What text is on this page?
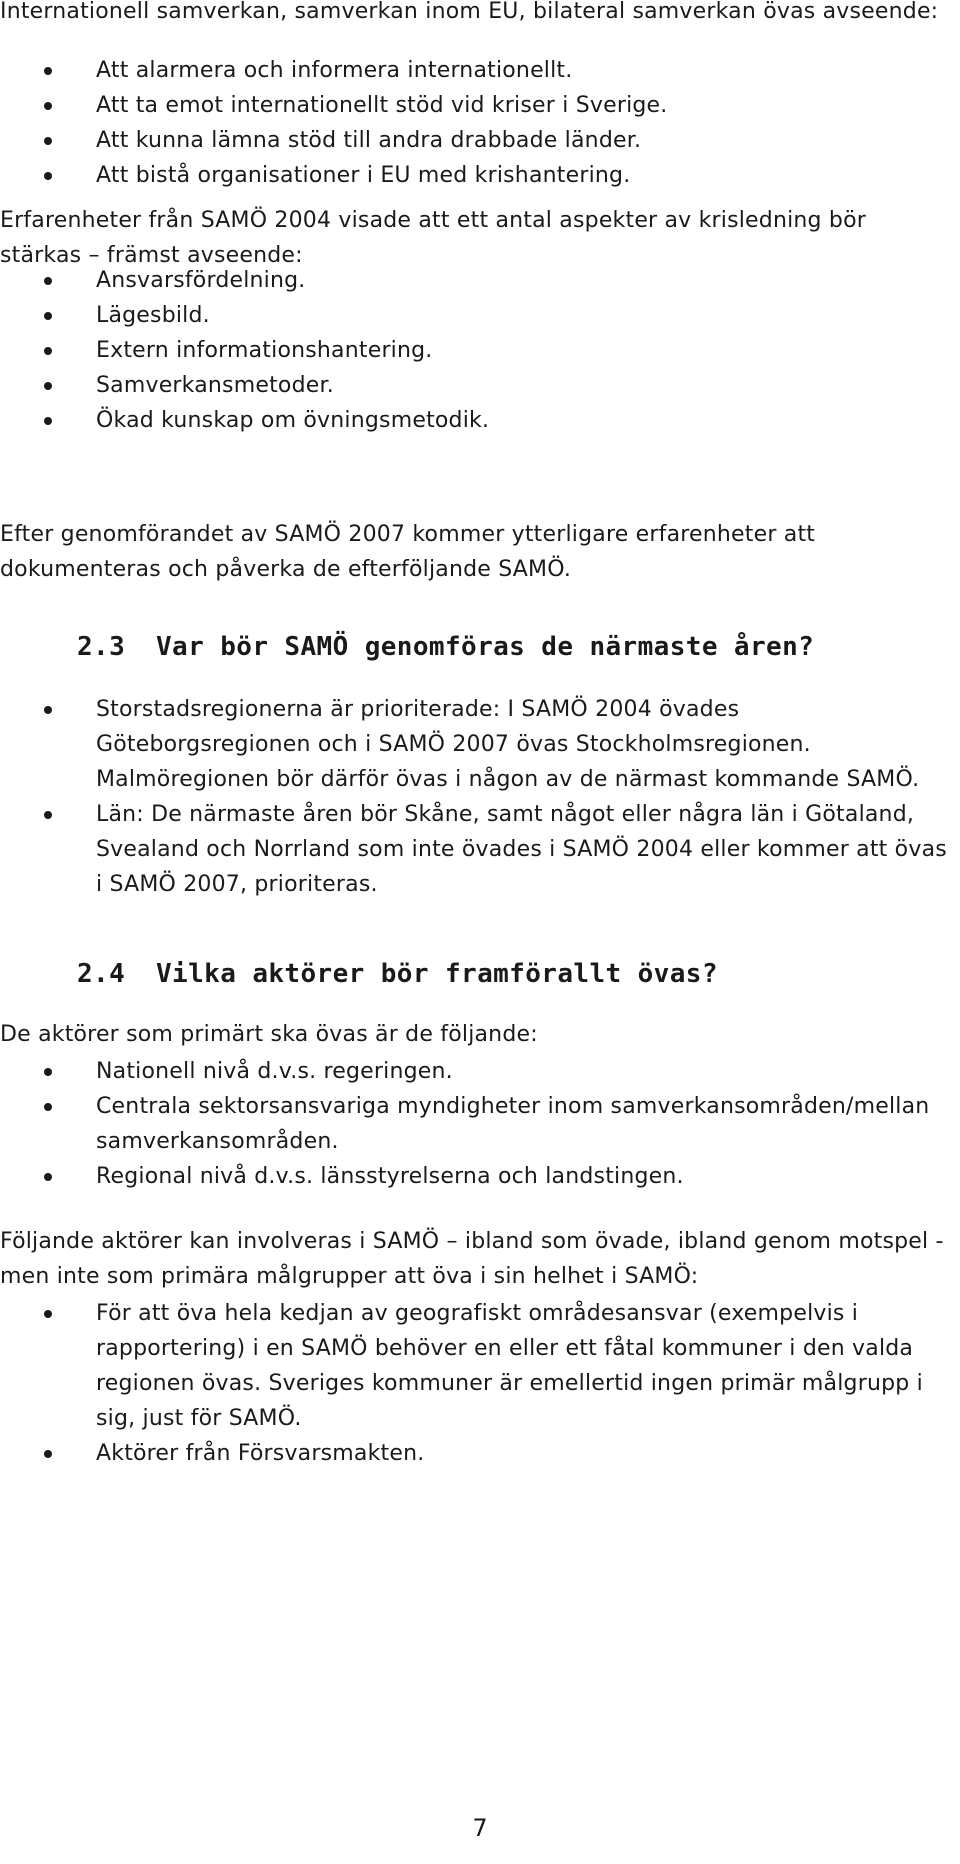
Internationell samverkan, samverkan inom EU, bilateral samverkan övas avseende:
Att alarmera och informera internationellt.
Att ta emot internationellt stöd vid kriser i Sverige.
Att kunna lämna stöd till andra drabbade länder.
Att bistå organisationer i EU med krishantering.
Erfarenheter från SAMÖ 2004 visade att ett antal aspekter av krisledning bör stärkas – främst avseende:
Ansvarsfördelning.
Lägesbild.
Extern informationshantering.
Samverkansmetoder.
Ökad kunskap om övningsmetodik.
Efter genomförandet av SAMÖ 2007 kommer ytterligare erfarenheter att dokumenteras och påverka de efterföljande SAMÖ.
2.3 Var bör SAMÖ genomföras de närmaste åren?
Storstadsregionerna är prioriterade: I SAMÖ 2004 övades Göteborgsregionen och i SAMÖ 2007 övas Stockholmsregionen. Malmöregionen bör därför övas i någon av de närmast kommande SAMÖ.
Län: De närmaste åren bör Skåne, samt något eller några län i Götaland, Svealand och Norrland som inte övades i SAMÖ 2004 eller kommer att övas i SAMÖ 2007, prioriteras.
2.4 Vilka aktörer bör framförallt övas?
De aktörer som primärt ska övas är de följande:
Nationell nivå d.v.s. regeringen.
Centrala sektorsansvariga myndigheter inom samverkansområden/mellan samverkansområden.
Regional nivå d.v.s. länsstyrelserna och landstingen.
Följande aktörer kan involveras i SAMÖ – ibland som övade, ibland genom motspel - men inte som primära målgrupper att öva i sin helhet i SAMÖ:
För att öva hela kedjan av geografiskt områdesansvar (exempelvis i rapportering) i en SAMÖ behöver en eller ett fåtal kommuner i den valda regionen övas. Sveriges kommuner är emellertid ingen primär målgrupp i sig, just för SAMÖ.
Aktörer från Försvarsmakten.
7
